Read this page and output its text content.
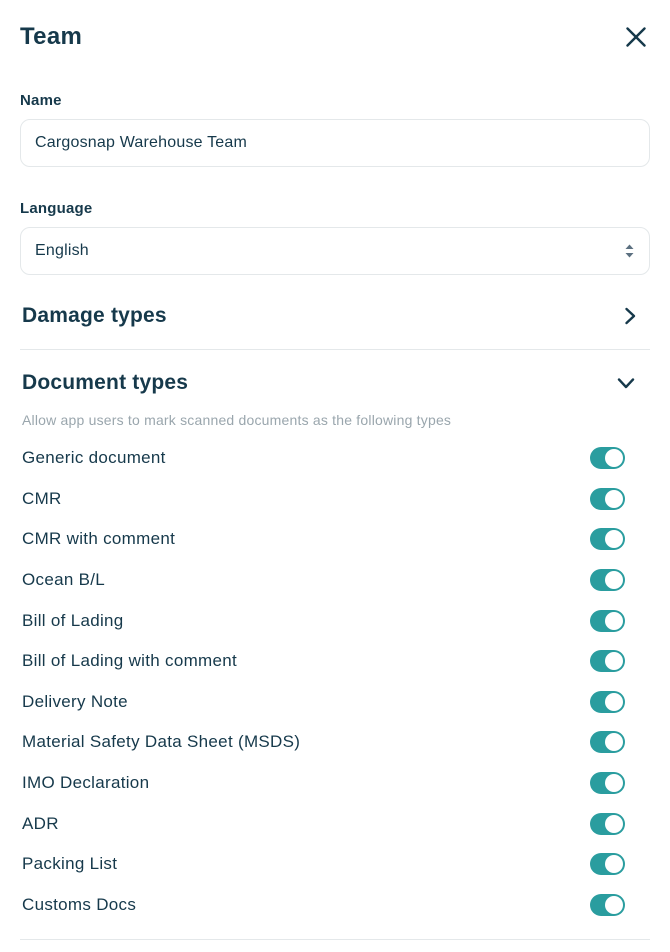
Team
Name
Cargosnap Warehouse Team
Language
English
Damage types
Document types

Allow app users to mark scanned documents as the following types

Generic document
CMR
CMR with comment
Ocean B/L
Bill of Lading
Bill of Lading with comment
Delivery Note
Material Safety Data Sheet (MSDS)
IMO Declaration
ADR
Packing List
Customs Docs
